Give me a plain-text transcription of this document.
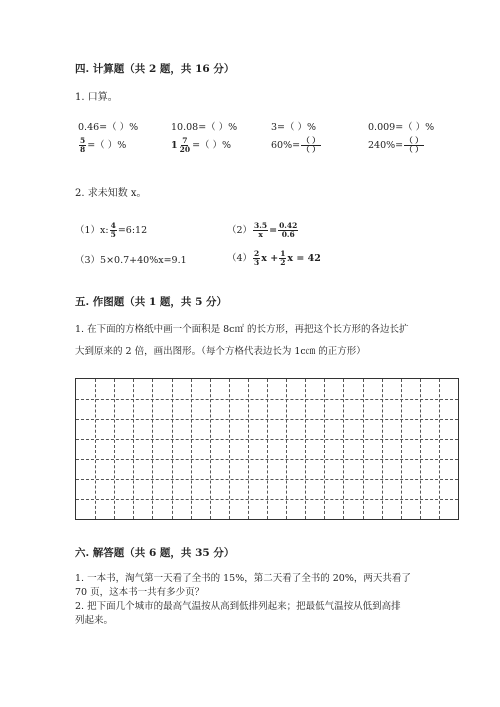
四. 计算题（共 2 题，共 16 分）
1. 口算。
0.46=（ ）%	10.08=（ ）%	3=（ ）%	0.009=（ ）%
$\frac{5}{8}$ =（ ）%	$1 \frac{7}{20}$ =（ ）%	$60\%= \frac{( )}{( )}$	$240\%= \frac{( )}{( )}$
2. 求未知数 x。
（1）x: $\frac{4}{5}$ =6:12	$(2) \frac{3.5}{x} = \frac{0.42}{0.6}$
（3）5×0.7+40%x=9.1	$(4) \frac{2}{3}$ $x + \frac{1}{2}$ x = 42
五. 作图题（共 1 题，共 5 分）
1. 在下面的方格纸中画一个面积是 8c㎡ 的长方形，再把这个长方形的各边长扩
大到原来的 2 倍，画出图形。（每个方格代表边长为 1c㎝ 的正方形）
六. 解答题（共 6 题，共 35 分）
1. 一本书，淘气第一天看了全书的 15%，第二天看了全书的 20%，两天共看了
70 页，这本书一共有多少页？
2. 把下面几个城市的最高气温按从高到低排列起来；把最低气温按从低到高排
列起来。
